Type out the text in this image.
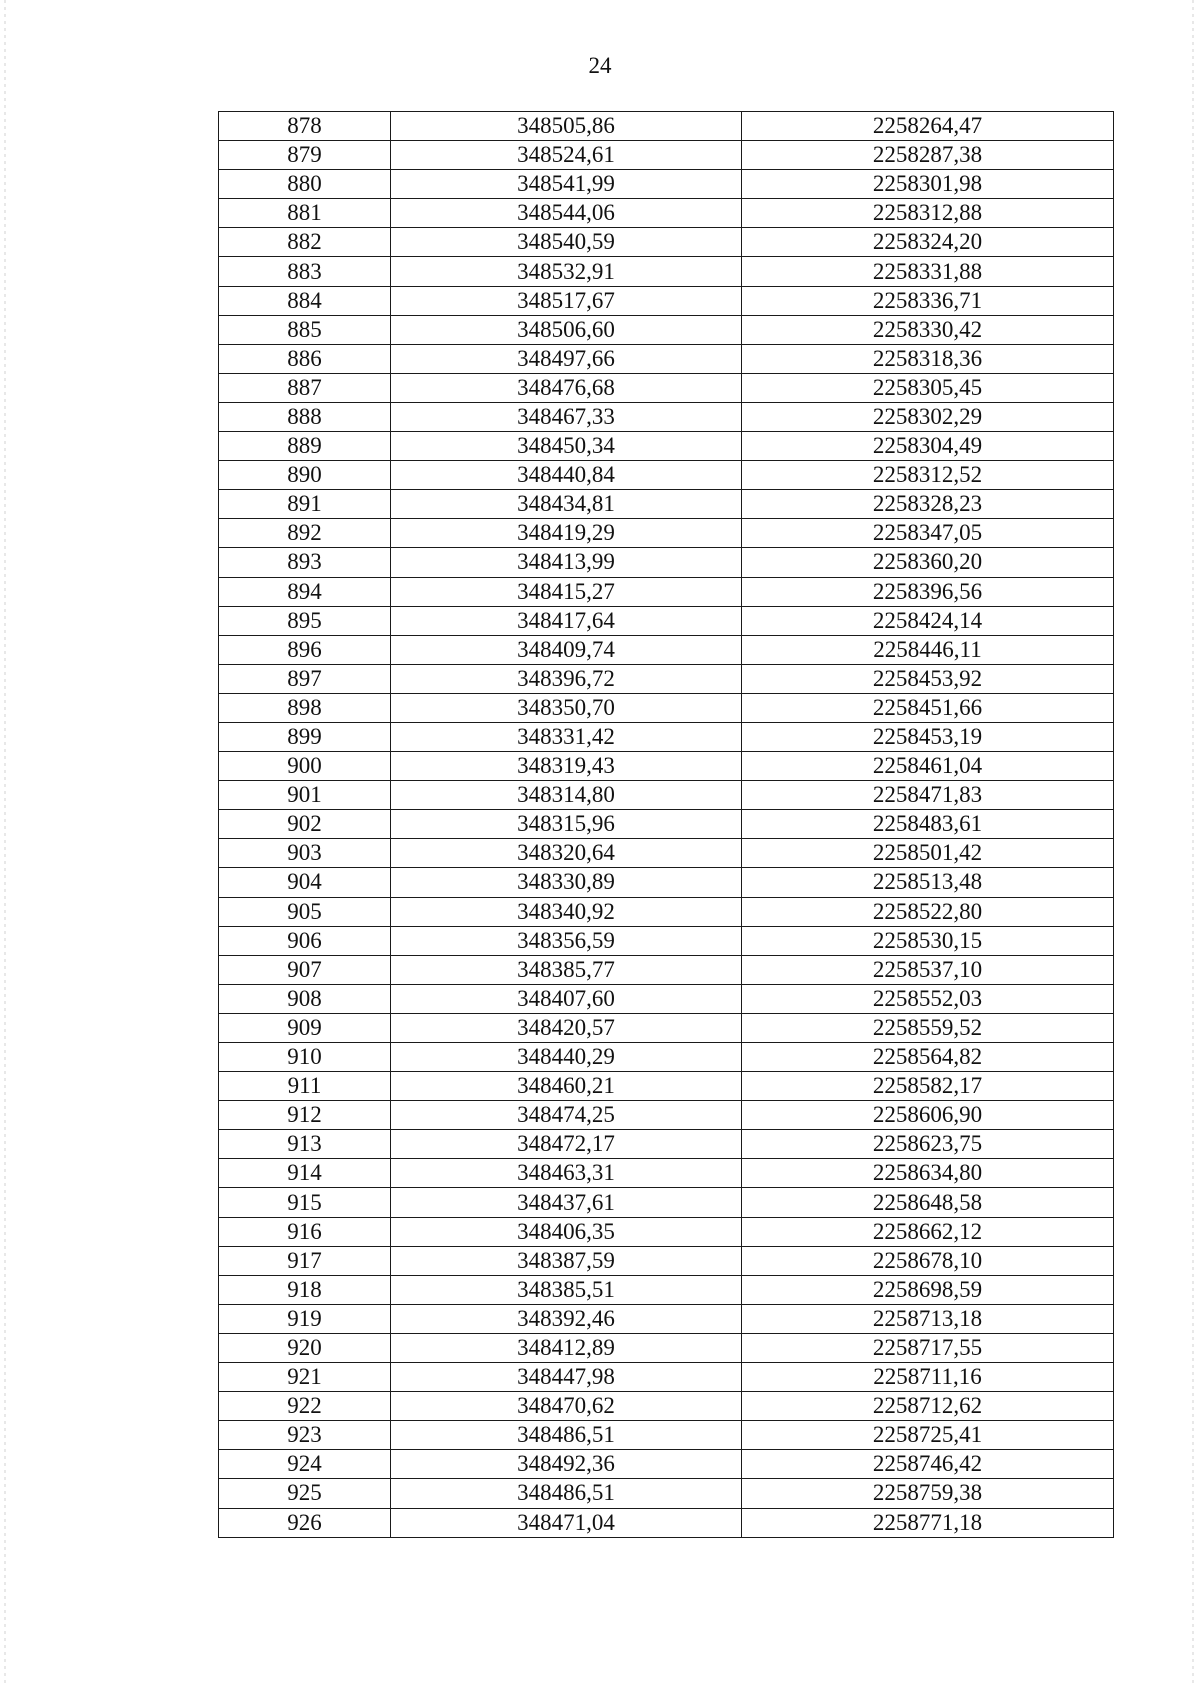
24
878	348505,86	2258264,47
879	348524,61	2258287,38
880	348541,99	2258301,98
881	348544,06	2258312,88
882	348540,59	2258324,20
883	348532,91	2258331,88
884	348517,67	2258336,71
885	348506,60	2258330,42
886	348497,66	2258318,36
887	348476,68	2258305,45
888	348467,33	2258302,29
889	348450,34	2258304,49
890	348440,84	2258312,52
891	348434,81	2258328,23
892	348419,29	2258347,05
893	348413,99	2258360,20
894	348415,27	2258396,56
895	348417,64	2258424,14
896	348409,74	2258446,11
897	348396,72	2258453,92
898	348350,70	2258451,66
899	348331,42	2258453,19
900	348319,43	2258461,04
901	348314,80	2258471,83
902	348315,96	2258483,61
903	348320,64	2258501,42
904	348330,89	2258513,48
905	348340,92	2258522,80
906	348356,59	2258530,15
907	348385,77	2258537,10
908	348407,60	2258552,03
909	348420,57	2258559,52
910	348440,29	2258564,82
911	348460,21	2258582,17
912	348474,25	2258606,90
913	348472,17	2258623,75
914	348463,31	2258634,80
915	348437,61	2258648,58
916	348406,35	2258662,12
917	348387,59	2258678,10
918	348385,51	2258698,59
919	348392,46	2258713,18
920	348412,89	2258717,55
921	348447,98	2258711,16
922	348470,62	2258712,62
923	348486,51	2258725,41
924	348492,36	2258746,42
925	348486,51	2258759,38
926	348471,04	2258771,18
